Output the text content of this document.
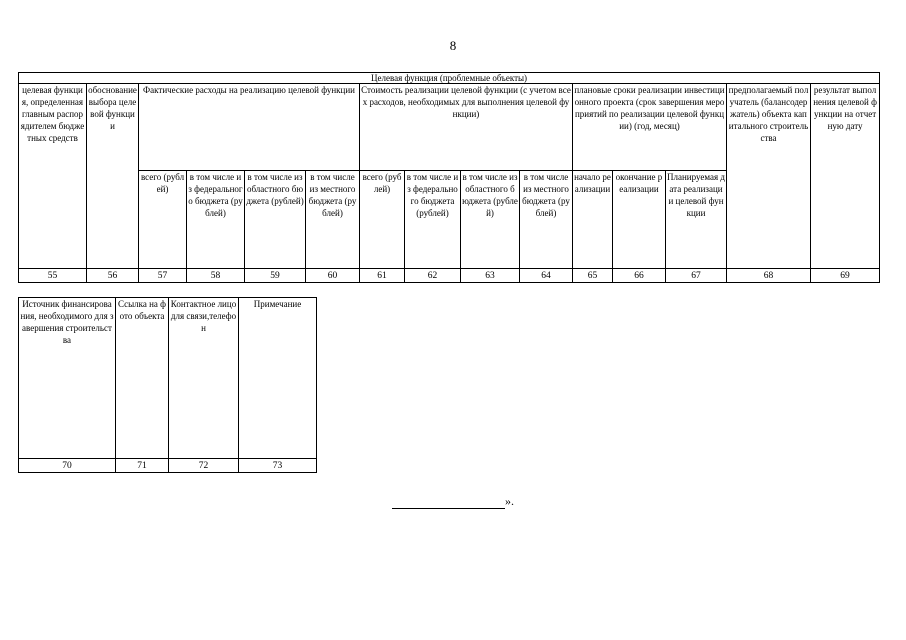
8
Целевая функция (проблемные объекты)														
целевая функция, определенная главным распорядителем бюджетных средств	обоснование выбора целевой функции	Фактические расходы на реализацию целевой функции				Стоимость реализации целевой функции (с учетом всех расходов, необходимых для выполнения целевой функции)				плановые сроки реализации инвестиционного проекта (срок завершения мероприятий по реализации целевой функции) (год, месяц)			предполагаемый получатель (балансодержатель) объекта капитального строительства	результат выполнения целевой функции на отчетную дату
		всего (рублей)	в том числе из федерального бюджета (рублей)	в том числе из областного бюджета (рублей)	в том числе из местного бюджета (рублей)	всего (рублей)	в том числе из федерального бюджета (рублей)	в том числе из областного бюджета (рублей)	в том числе из местного бюджета (рублей)	начало реализации	окончание реализации	Планируемая дата реализации целевой функции		
55	56	57	58	59	60	61	62	63	64	65	66	67	68	69
Источник финансирования, необходимого для завершения строительства	Ссылка на фото объекта	Контактное лицо для связи,телефон	Примечание
70	71	72	73
».
